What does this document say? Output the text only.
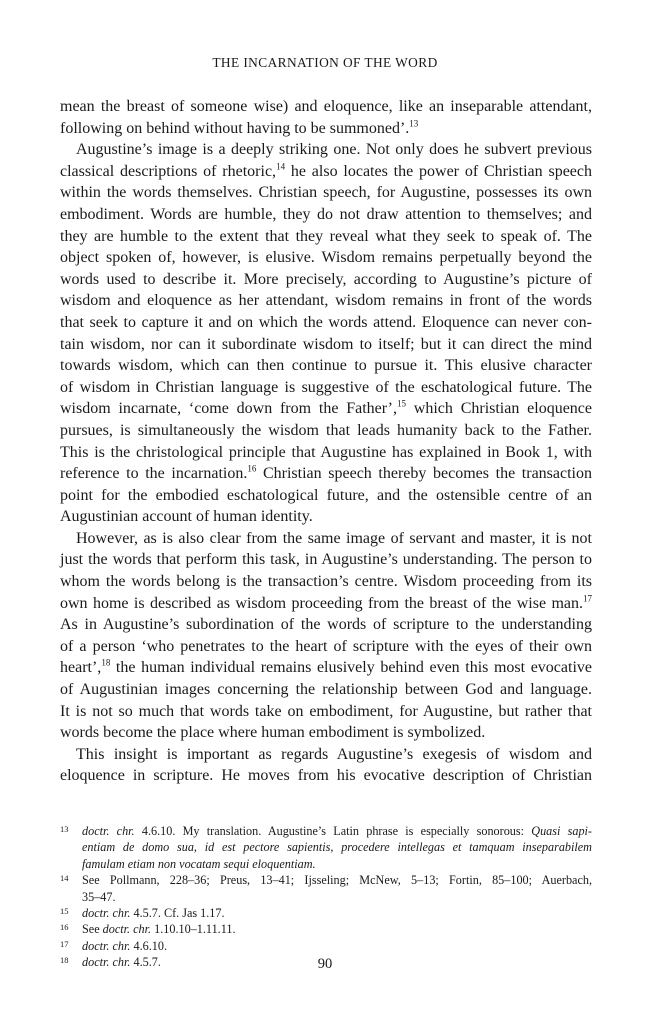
THE INCARNATION OF THE WORD
mean the breast of someone wise) and eloquence, like an inseparable attendant,
following on behind without having to be summoned’.$^{13}$
Augustine’s image is a deeply striking one. Not only does he subvert previous
classical descriptions of rhetoric,$^{14}$ he also locates the power of Christian speech
within the words themselves. Christian speech, for Augustine, possesses its own
embodiment. Words are humble, they do not draw attention to themselves; and
they are humble to the extent that they reveal what they seek to speak of. The
object spoken of, however, is elusive. Wisdom remains perpetually beyond the
words used to describe it. More precisely, according to Augustine’s picture of
wisdom and eloquence as her attendant, wisdom remains in front of the words
that seek to capture it and on which the words attend. Eloquence can never con-
tain wisdom, nor can it subordinate wisdom to itself; but it can direct the mind
towards wisdom, which can then continue to pursue it. This elusive character
of wisdom in Christian language is suggestive of the eschatological future. The
wisdom incarnate, ‘come down from the Father’,$^{15}$ which Christian eloquence
pursues, is simultaneously the wisdom that leads humanity back to the Father.
This is the christological principle that Augustine has explained in Book 1, with
reference to the incarnation.$^{16}$ Christian speech thereby becomes the transaction
point for the embodied eschatological future, and the ostensible centre of an
Augustinian account of human identity.
However, as is also clear from the same image of servant and master, it is not
just the words that perform this task, in Augustine’s understanding. The person to
whom the words belong is the transaction’s centre. Wisdom proceeding from its
own home is described as wisdom proceeding from the breast of the wise man.$^{17}$
As in Augustine’s subordination of the words of scripture to the understanding
of a person ‘who penetrates to the heart of scripture with the eyes of their own
heart’,$^{18}$ the human individual remains elusively behind even this most evocative
of Augustinian images concerning the relationship between God and language.
It is not so much that words take on embodiment, for Augustine, but rather that
words become the place where human embodiment is symbolized.
This insight is important as regards Augustine’s exegesis of wisdom and
eloquence in scripture. He moves from his evocative description of Christian
13	doctr. chr. 4.6.10. My translation. Augustine’s Latin phrase is especially sonorous: Quasi sapi-
entiam de domo sua, id est pectore sapientis, procedere intellegas et tamquam inseparabilem
famulam etiam non vocatam sequi eloquentiam.
14	See Pollmann, 228–36; Preus, 13–41; Ijsseling; McNew, 5–13; Fortin, 85–100; Auerbach,
35–47.
15	doctr. chr. 4.5.7. Cf. Jas 1.17.
16	See doctr. chr. 1.10.10–1.11.11.
17	doctr. chr. 4.6.10.
18	doctr. chr. 4.5.7.	90
